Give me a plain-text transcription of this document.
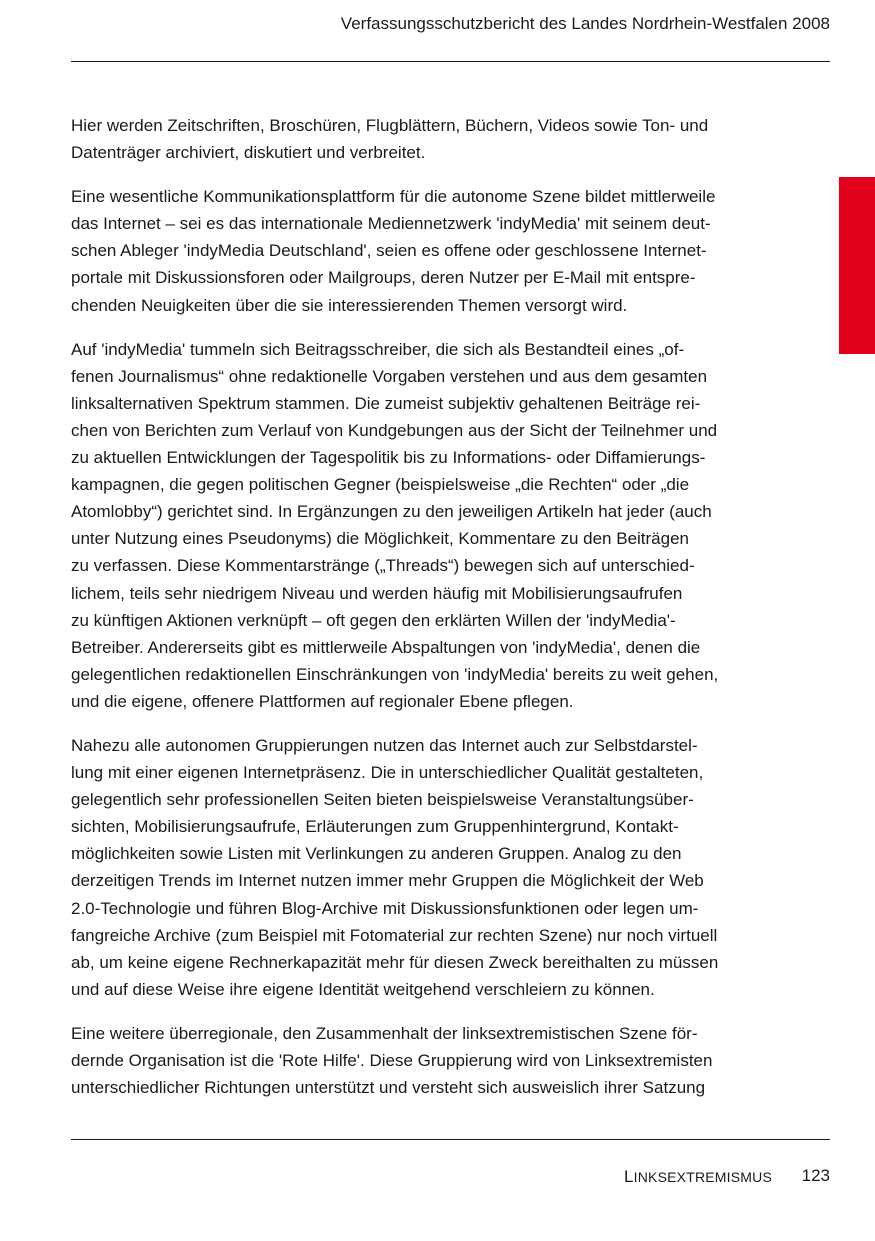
Verfassungsschutzbericht des Landes Nordrhein-Westfalen 2008

Hier werden Zeitschriften, Broschüren, Flugblättern, Büchern, Videos sowie Ton- und
Datenträger archiviert, diskutiert und verbreitet.

Eine wesentliche Kommunikationsplattform für die autonome Szene bildet mittlerweile
das Internet – sei es das internationale Mediennetzwerk 'indyMedia' mit seinem deut-
schen Ableger 'indyMedia Deutschland', seien es offene oder geschlossene Internet-
portale mit Diskussionsforen oder Mailgroups, deren Nutzer per E-Mail mit entspre-
chenden Neuigkeiten über die sie interessierenden Themen versorgt wird.

Auf 'indyMedia' tummeln sich Beitragsschreiber, die sich als Bestandteil eines „of-
fenen Journalismus“ ohne redaktionelle Vorgaben verstehen und aus dem gesamten
linksalternativen Spektrum stammen. Die zumeist subjektiv gehaltenen Beiträge rei-
chen von Berichten zum Verlauf von Kundgebungen aus der Sicht der Teilnehmer und
zu aktuellen Entwicklungen der Tagespolitik bis zu Informations- oder Diffamierungs-
kampagnen, die gegen politischen Gegner (beispielsweise „die Rechten“ oder „die
Atomlobby“) gerichtet sind. In Ergänzungen zu den jeweiligen Artikeln hat jeder (auch
unter Nutzung eines Pseudonyms) die Möglichkeit, Kommentare zu den Beiträgen
zu verfassen. Diese Kommentarstränge („Threads“) bewegen sich auf unterschied-
lichem, teils sehr niedrigem Niveau und werden häufig mit Mobilisierungsaufrufen
zu künftigen Aktionen verknüpft – oft gegen den erklärten Willen der 'indyMedia'-
Betreiber. Andererseits gibt es mittlerweile Abspaltungen von 'indyMedia', denen die
gelegentlichen redaktionellen Einschränkungen von 'indyMedia' bereits zu weit gehen,
und die eigene, offenere Plattformen auf regionaler Ebene pflegen.

Nahezu alle autonomen Gruppierungen nutzen das Internet auch zur Selbstdarstel-
lung mit einer eigenen Internetpräsenz. Die in unterschiedlicher Qualität gestalteten,
gelegentlich sehr professionellen Seiten bieten beispielsweise Veranstaltungsüber-
sichten, Mobilisierungsaufrufe, Erläuterungen zum Gruppenhintergrund, Kontakt-
möglichkeiten sowie Listen mit Verlinkungen zu anderen Gruppen. Analog zu den
derzeitigen Trends im Internet nutzen immer mehr Gruppen die Möglichkeit der Web
2.0-Technologie und führen Blog-Archive mit Diskussionsfunktionen oder legen um-
fangreiche Archive (zum Beispiel mit Fotomaterial zur rechten Szene) nur noch virtuell
ab, um keine eigene Rechnerkapazität mehr für diesen Zweck bereithalten zu müssen
und auf diese Weise ihre eigene Identität weitgehend verschleiern zu können.

Eine weitere überregionale, den Zusammenhalt der linksextremistischen Szene för-
dernde Organisation ist die 'Rote Hilfe'. Diese Gruppierung wird von Linksextremisten
unterschiedlicher Richtungen unterstützt und versteht sich ausweislich ihrer Satzung

LINKSEXTREMISMUS 123
